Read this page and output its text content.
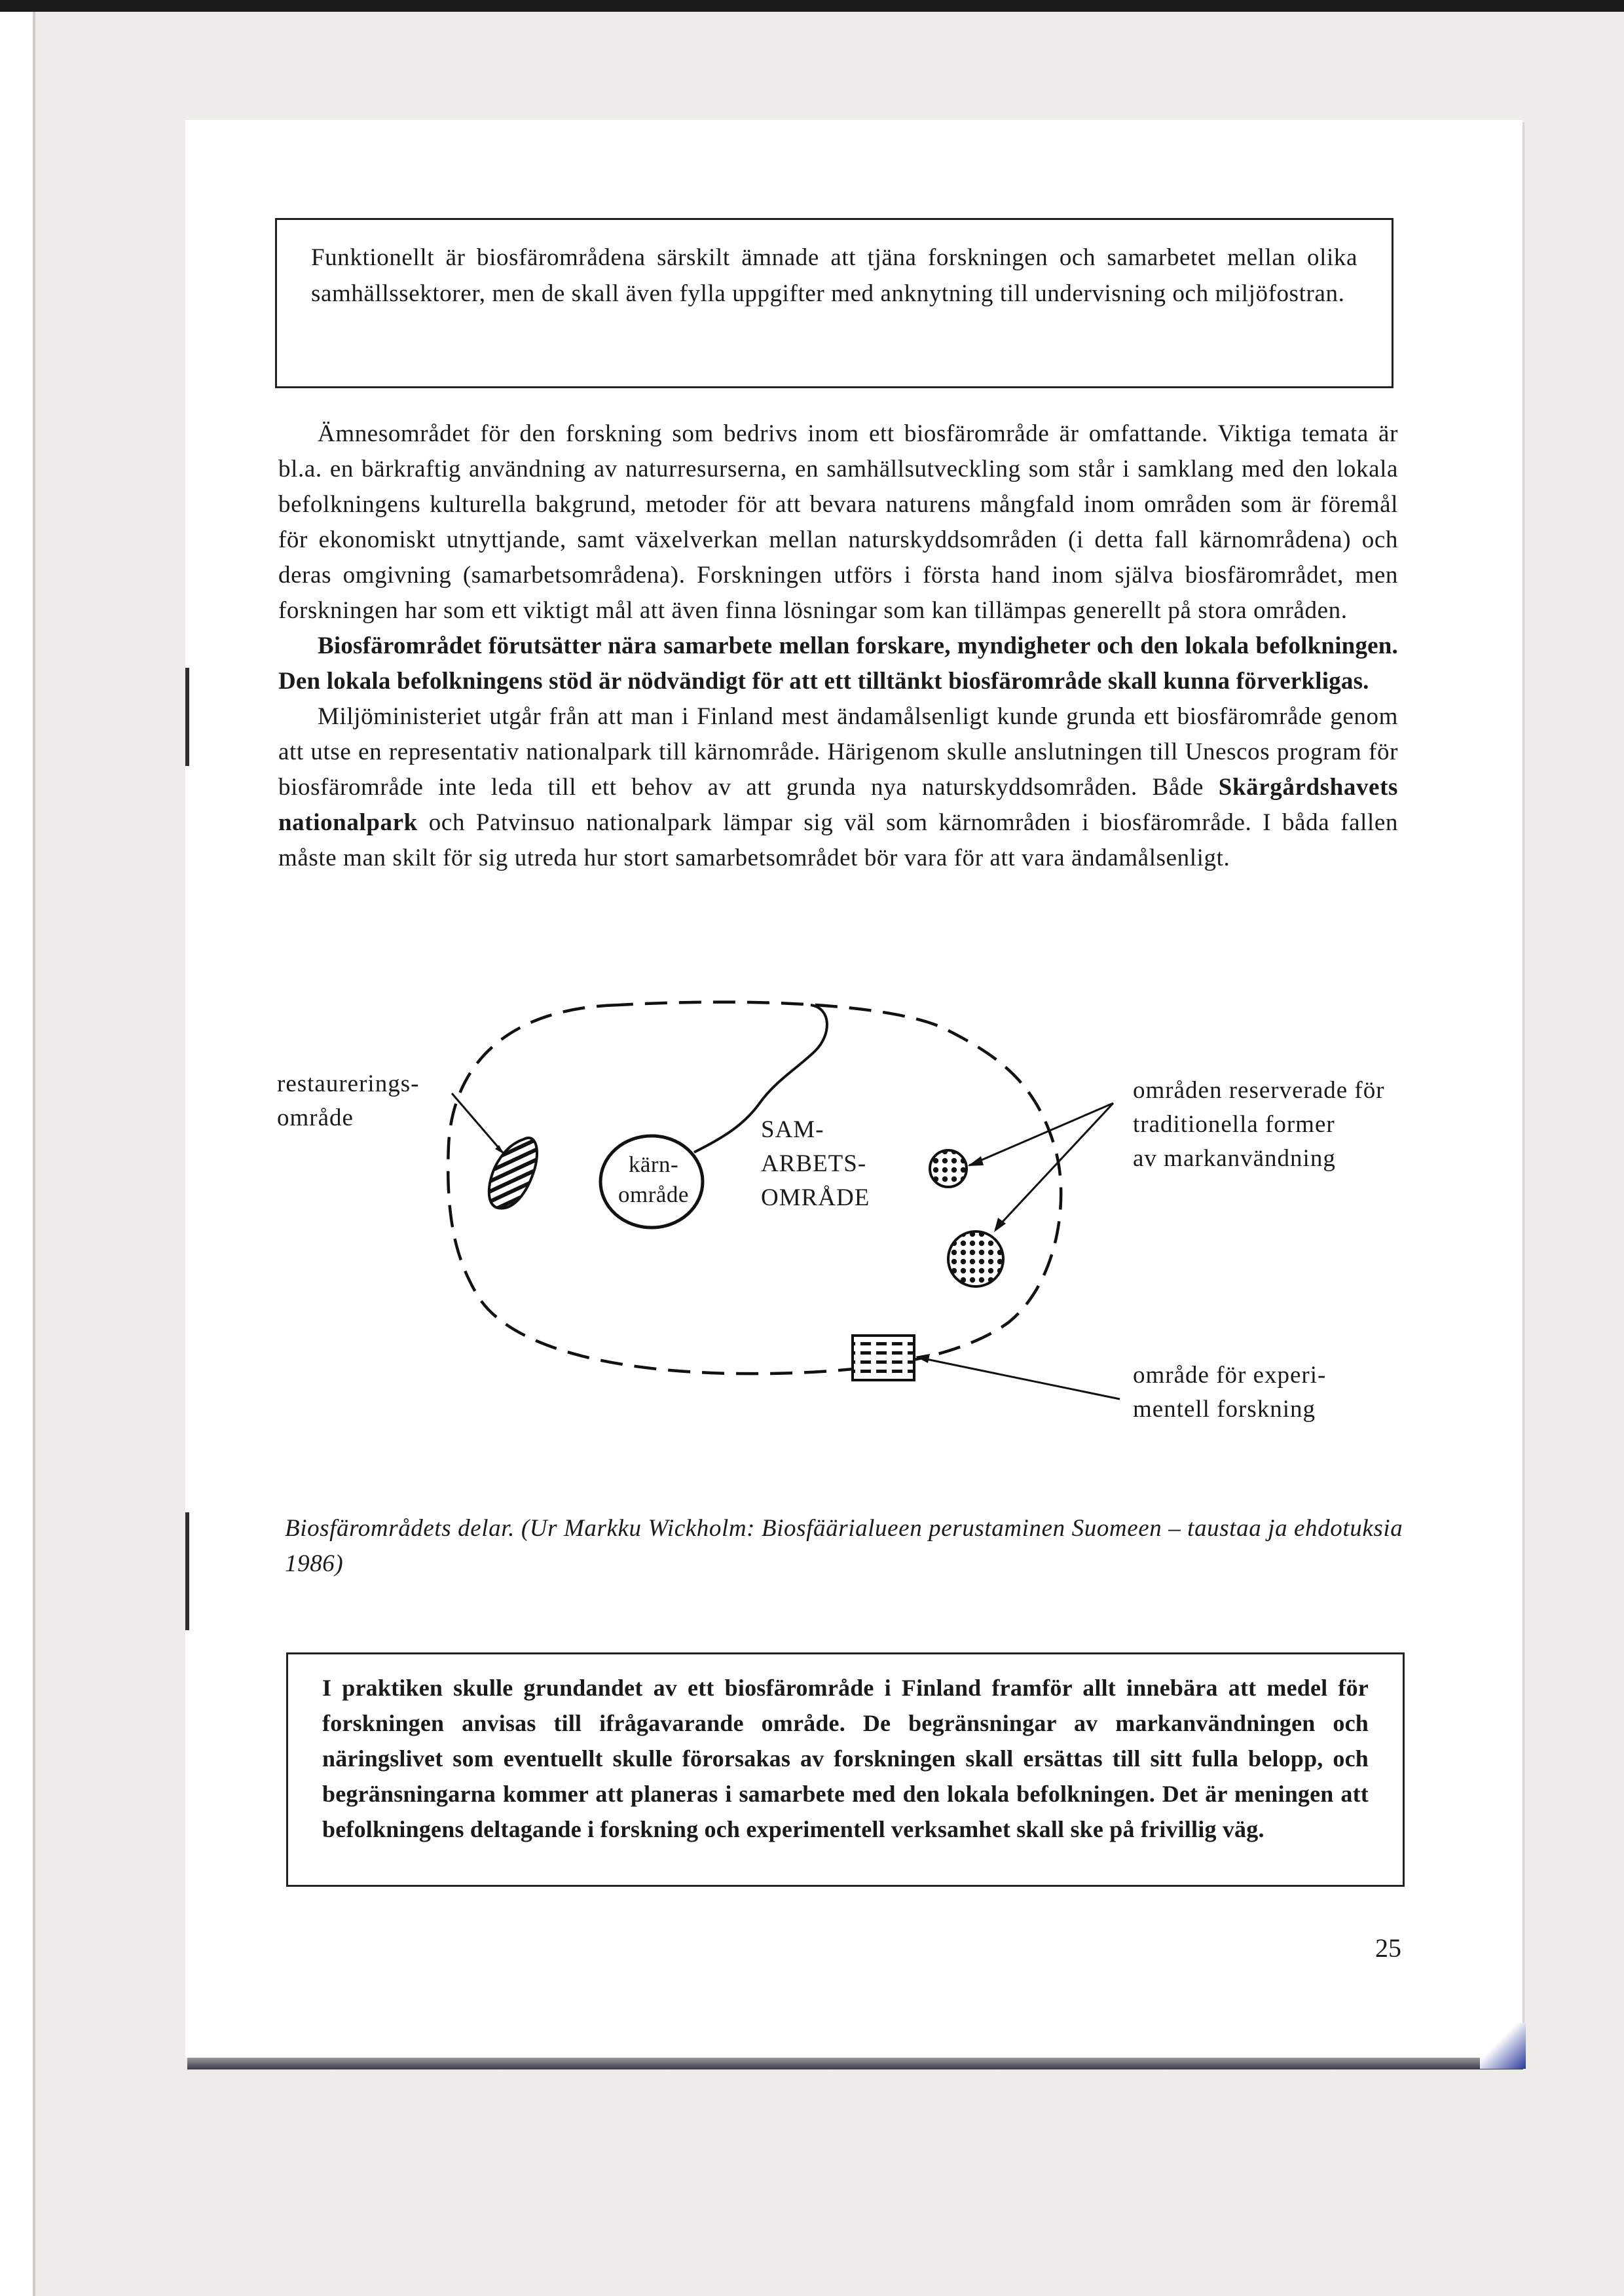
Funktionellt är biosfärområdena särskilt ämnade att tjäna forskningen och samarbetet mellan olika samhällssektorer, men de skall även fylla uppgifter med anknytning till undervisning och miljöfostran.

Ämnesområdet för den forskning som bedrivs inom ett biosfärområde är omfattande. Viktiga temata är bl.a. en bärkraftig användning av naturresurserna, en samhällsutveckling som står i samklang med den lokala befolkningens kulturella bakgrund, metoder för att bevara naturens mångfald inom områden som är föremål för ekonomiskt utnyttjande, samt växelverkan mellan naturskyddsområden (i detta fall kärnområdena) och deras omgivning (samarbetsområdena). Forskningen utförs i första hand inom själva biosfärområdet, men forskningen har som ett viktigt mål att även finna lösningar som kan tillämpas generellt på stora områden.

Biosfärområdet förutsätter nära samarbete mellan forskare, myndigheter och den lokala befolkningen. Den lokala befolkningens stöd är nödvändigt för att ett tilltänkt biosfärområde skall kunna förverkligas.

Miljöministeriet utgår från att man i Finland mest ändamålsenligt kunde grunda ett biosfärområde genom att utse en representativ nationalpark till kärnområde. Härigenom skulle anslutningen till Unescos program för biosfärområde inte leda till ett behov av att grunda nya naturskyddsområden. Både Skärgårdshavets nationalpark och Patvinsuo nationalpark lämpar sig väl som kärnområden i biosfärområde. I båda fallen måste man skilt för sig utreda hur stort samarbetsområdet bör vara för att vara ändamålsenligt.

restaurerings-
område
kärn-
område
SAM-
ARBETS-
OMRÅDE
områden reserverade för
traditionella former
av markanvändning
område för experi-
mentell forskning
Biosfärområdets delar. (Ur Markku Wickholm: Biosfäärialueen perustaminen Suomeen – taustaa ja ehdotuksia 1986)
I praktiken skulle grundandet av ett biosfärområde i Finland framför allt innebära att medel för forskningen anvisas till ifrågavarande område. De begränsningar av markanvändningen och näringslivet som eventuellt skulle förorsakas av forskningen skall ersättas till sitt fulla belopp, och begränsningarna kommer att planeras i samarbete med den lokala befolkningen. Det är meningen att befolkningens deltagande i forskning och experimentell verksamhet skall ske på frivillig väg.
25
